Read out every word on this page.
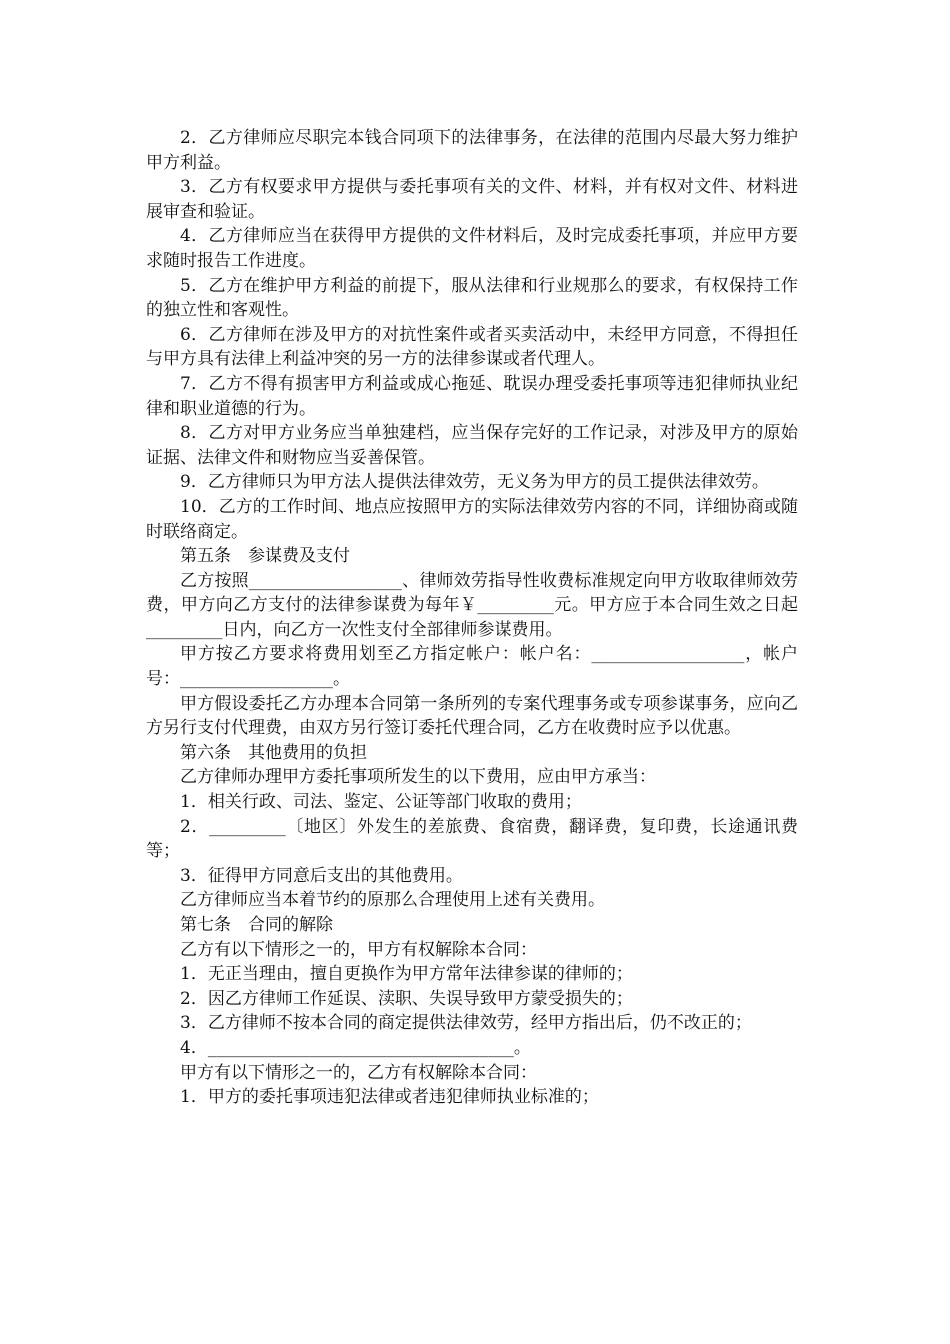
2．乙方律师应尽职完本钱合同项下的法律事务，在法律的范围内尽最大努力维护甲方利益。

3．乙方有权要求甲方提供与委托事项有关的文件、材料，并有权对文件、材料进展审查和验证。

4．乙方律师应当在获得甲方提供的文件材料后，及时完成委托事项，并应甲方要求随时报告工作进度。

5．乙方在维护甲方利益的前提下，服从法律和行业规那么的要求，有权保持工作的独立性和客观性。

6．乙方律师在涉及甲方的对抗性案件或者买卖活动中，未经甲方同意，不得担任与甲方具有法律上利益冲突的另一方的法律参谋或者代理人。

7．乙方不得有损害甲方利益或成心拖延、耽误办理受委托事项等违犯律师执业纪律和职业道德的行为。

8．乙方对甲方业务应当单独建档，应当保存完好的工作记录，对涉及甲方的原始证据、法律文件和财物应当妥善保管。

9．乙方律师只为甲方法人提供法律效劳，无义务为甲方的员工提供法律效劳。

10．乙方的工作时间、地点应按照甲方的实际法律效劳内容的不同，详细协商或随时联络商定。

第五条　参谋费及支付

乙方按照__________________、律师效劳指导性收费标准规定向甲方收取律师效劳费，甲方向乙方支付的法律参谋费为每年￥_________元。甲方应于本合同生效之日起_________日内，向乙方一次性支付全部律师参谋费用。

甲方按乙方要求将费用划至乙方指定帐户：帐户名：__________________，帐户号：__________________。

甲方假设委托乙方办理本合同第一条所列的专案代理事务或专项参谋事务，应向乙方另行支付代理费，由双方另行签订委托代理合同，乙方在收费时应予以优惠。

第六条　其他费用的负担

乙方律师办理甲方委托事项所发生的以下费用，应由甲方承当：

1．相关行政、司法、鉴定、公证等部门收取的费用；

2．_________〔地区〕外发生的差旅费、食宿费，翻译费，复印费，长途通讯费等；

3．征得甲方同意后支出的其他费用。

乙方律师应当本着节约的原那么合理使用上述有关费用。

第七条　合同的解除

乙方有以下情形之一的，甲方有权解除本合同：

1．无正当理由，擅自更换作为甲方常年法律参谋的律师的；

2．因乙方律师工作延误、渎职、失误导致甲方蒙受损失的；

3．乙方律师不按本合同的商定提供法律效劳，经甲方指出后，仍不改正的；

4．____________________________________。

甲方有以下情形之一的，乙方有权解除本合同：

1．甲方的委托事项违犯法律或者违犯律师执业标准的；
